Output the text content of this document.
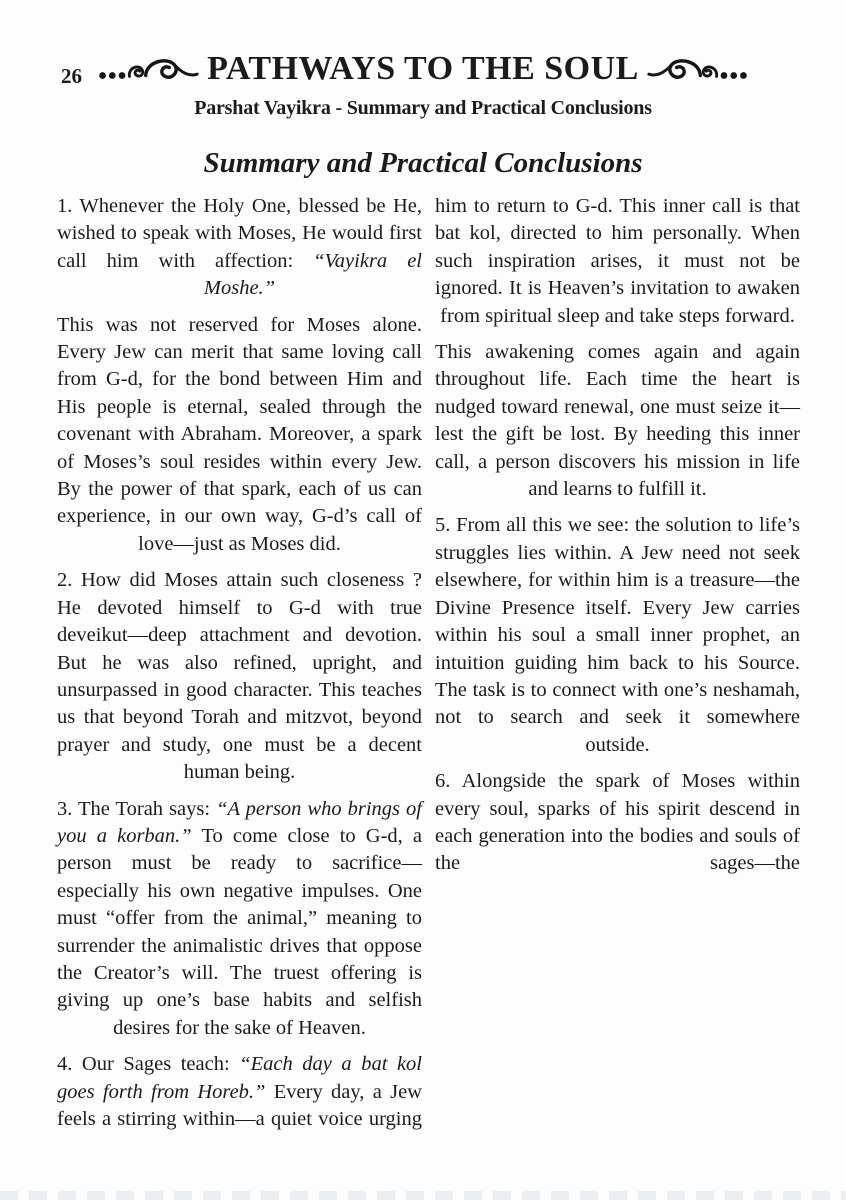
26	PATHWAYS TO THE SOUL
Parshat Vayikra - Summary and Practical Conclusions
Summary and Practical Conclusions

1. Whenever the Holy One, blessed be He, wished to speak with Moses, He would first call him with affection: “Vayikra el Moshe.”

This was not reserved for Moses alone. Every Jew can merit that same loving call from G-d, for the bond between Him and His people is eternal, sealed through the covenant with Abraham. Moreover, a spark of Moses’s soul resides within every Jew. By the power of that spark, each of us can experience, in our own way, G-d’s call of love—just as Moses did.

2. How did Moses attain such closeness ? He devoted himself to G-d with true deveikut—deep attachment and devotion. But he was also refined, upright, and unsurpassed in good character. This teaches us that beyond Torah and mitzvot, beyond prayer and study, one must be a decent human being.

3. The Torah says: “A person who brings of you a korban.” To come close to G-d, a person must be ready to sacrifice—especially his own negative impulses. One must “offer from the animal,” meaning to surrender the animalistic drives that oppose the Creator’s will. The truest offering is giving up one’s base habits and selfish desires for the sake of Heaven.

4. Our Sages teach: “Each day a bat kol goes forth from Horeb.” Every day, a Jew feels a stirring within—a quiet voice urging him to return to G-d. This inner call is that bat kol, directed to him personally. When such inspiration arises, it must not be ignored. It is Heaven’s invitation to awaken from spiritual sleep and take steps forward.

This awakening comes again and again throughout life. Each time the heart is nudged toward renewal, one must seize it—lest the gift be lost. By heeding this inner call, a person discovers his mission in life and learns to fulfill it.

5. From all this we see: the solution to life’s struggles lies within. A Jew need not seek elsewhere, for within him is a treasure—the Divine Presence itself. Every Jew carries within his soul a small inner prophet, an intuition guiding him back to his Source. The task is to connect with one’s neshamah, not to search and seek it somewhere outside.

6. Alongside the spark of Moses within every soul, sparks of his spirit descend in each generation into the bodies and souls of the sages—the
